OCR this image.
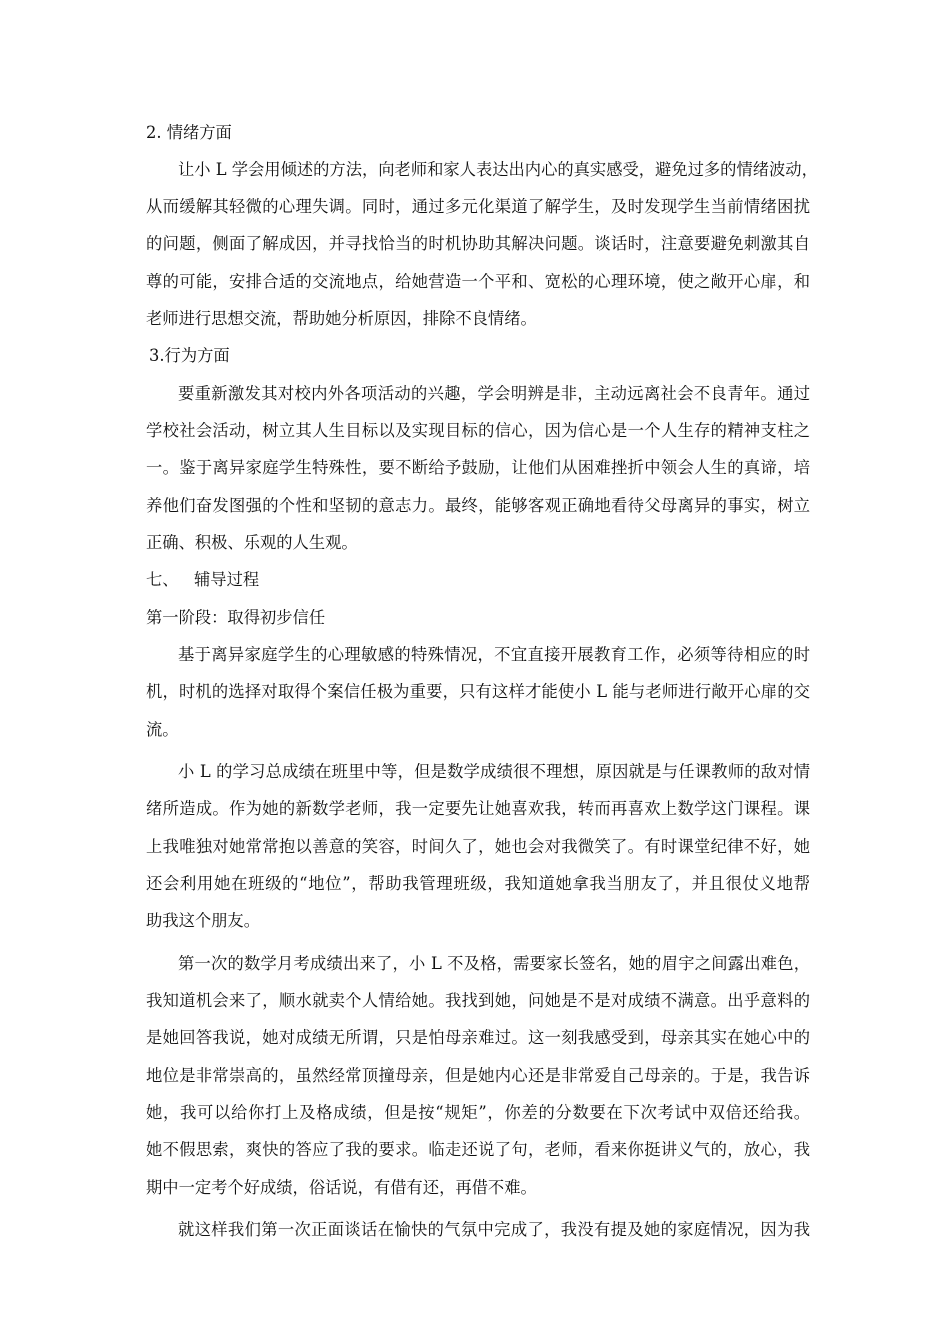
2. 情绪方面
让小 L 学会用倾述的方法，向老师和家人表达出内心的真实感受，避免过多的情绪波动，
从而缓解其轻微的心理失调。同时，通过多元化渠道了解学生，及时发现学生当前情绪困扰
的问题，侧面了解成因，并寻找恰当的时机协助其解决问题。谈话时，注意要避免刺激其自
尊的可能，安排合适的交流地点，给她营造一个平和、宽松的心理环境，使之敞开心扉，和
老师进行思想交流，帮助她分析原因，排除不良情绪。
3.行为方面
要重新激发其对校内外各项活动的兴趣，学会明辨是非，主动远离社会不良青年。通过
学校社会活动，树立其人生目标以及实现目标的信心，因为信心是一个人生存的精神支柱之
一。鉴于离异家庭学生特殊性，要不断给予鼓励，让他们从困难挫折中领会人生的真谛，培
养他们奋发图强的个性和坚韧的意志力。最终，能够客观正确地看待父母离异的事实，树立
正确、积极、乐观的人生观。
七、 辅导过程
第一阶段：取得初步信任
基于离异家庭学生的心理敏感的特殊情况，不宜直接开展教育工作，必须等待相应的时
机，时机的选择对取得个案信任极为重要，只有这样才能使小 L 能与老师进行敞开心扉的交
流。
小 L 的学习总成绩在班里中等，但是数学成绩很不理想，原因就是与任课教师的敌对情
绪所造成。作为她的新数学老师，我一定要先让她喜欢我，转而再喜欢上数学这门课程。课
上我唯独对她常常抱以善意的笑容，时间久了，她也会对我微笑了。有时课堂纪律不好，她
还会利用她在班级的“地位”，帮助我管理班级，我知道她拿我当朋友了，并且很仗义地帮
助我这个朋友。
第一次的数学月考成绩出来了，小 L 不及格，需要家长签名，她的眉宇之间露出难色，
我知道机会来了，顺水就卖个人情给她。我找到她，问她是不是对成绩不满意。出乎意料的
是她回答我说，她对成绩无所谓，只是怕母亲难过。这一刻我感受到，母亲其实在她心中的
地位是非常崇高的，虽然经常顶撞母亲，但是她内心还是非常爱自己母亲的。于是，我告诉
她，我可以给你打上及格成绩，但是按“规矩”，你差的分数要在下次考试中双倍还给我。
她不假思索，爽快的答应了我的要求。临走还说了句，老师，看来你挺讲义气的，放心，我
期中一定考个好成绩，俗话说，有借有还，再借不难。
就这样我们第一次正面谈话在愉快的气氛中完成了，我没有提及她的家庭情况，因为我
